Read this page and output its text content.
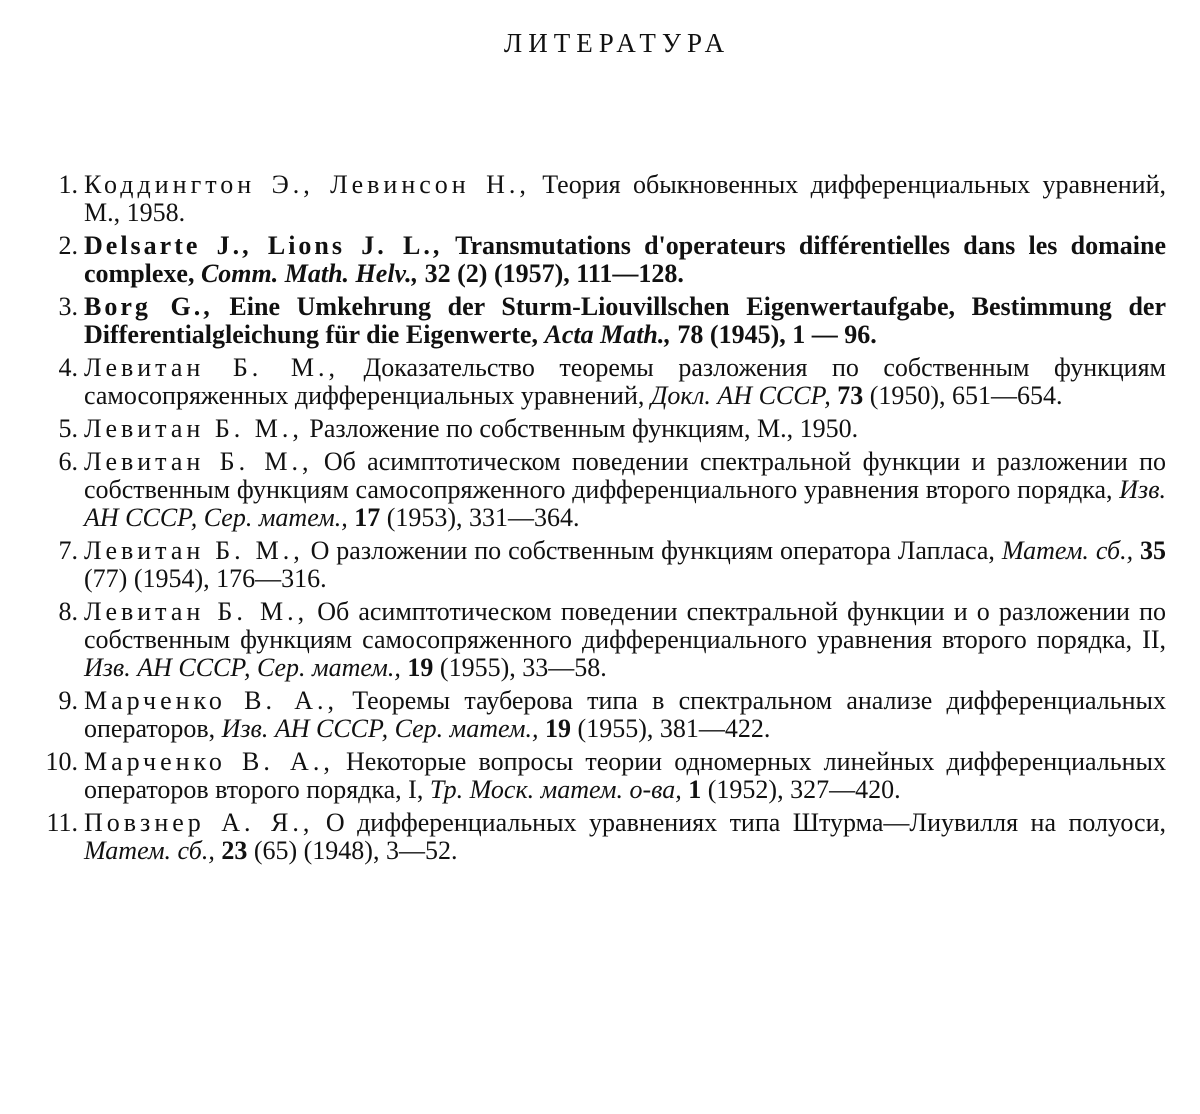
ЛИТЕРАТУРА
1. Коддингтон Э., Левинсон Н., Теория обыкновенных дифференциальных уравнений, М., 1958.
2. Delsarte J., Lions J. L., Transmutations d'operateurs différentielles dans les domaine complexe, Comm. Math. Helv., 32 (2) (1957), 111—128.
3. Borg G., Eine Umkehrung der Sturm-Liouvillschen Eigenwertaufgabe, Bestimmung der Differentialgleichung für die Eigenwerte, Acta Math., 78 (1945), 1 — 96.
4. Левитан Б. М., Доказательство теоремы разложения по собственным функциям самосопряженных дифференциальных уравнений, Докл. АН СССР, 73 (1950), 651—654.
5. Левитан Б. М., Разложение по собственным функциям, М., 1950.
6. Левитан Б. М., Об асимптотическом поведении спектральной функции и разложении по собственным функциям самосопряженного дифференциального уравнения второго порядка, Изв. АН СССР, Сер. матем., 17 (1953), 331—364.
7. Левитан Б. М., О разложении по собственным функциям оператора Лапласа, Матем. сб., 35 (77) (1954), 176—316.
8. Левитан Б. М., Об асимптотическом поведении спектральной функции и о разложении по собственным функциям самосопряженного дифференциального уравнения второго порядка, II, Изв. АН СССР, Сер. матем., 19 (1955), 33—58.
9. Марченко В. А., Теоремы тауберова типа в спектральном анализе дифференциальных операторов, Изв. АН СССР, Сер. матем., 19 (1955), 381—422.
10. Марченко В. А., Некоторые вопросы теории одномерных линейных дифференциальных операторов второго порядка, I, Тр. Моск. матем. о-ва, 1 (1952), 327—420.
11. Повзнер А. Я., О дифференциальных уравнениях типа Штурма—Лиувилля на полуоси, Матем. сб., 23 (65) (1948), 3—52.
